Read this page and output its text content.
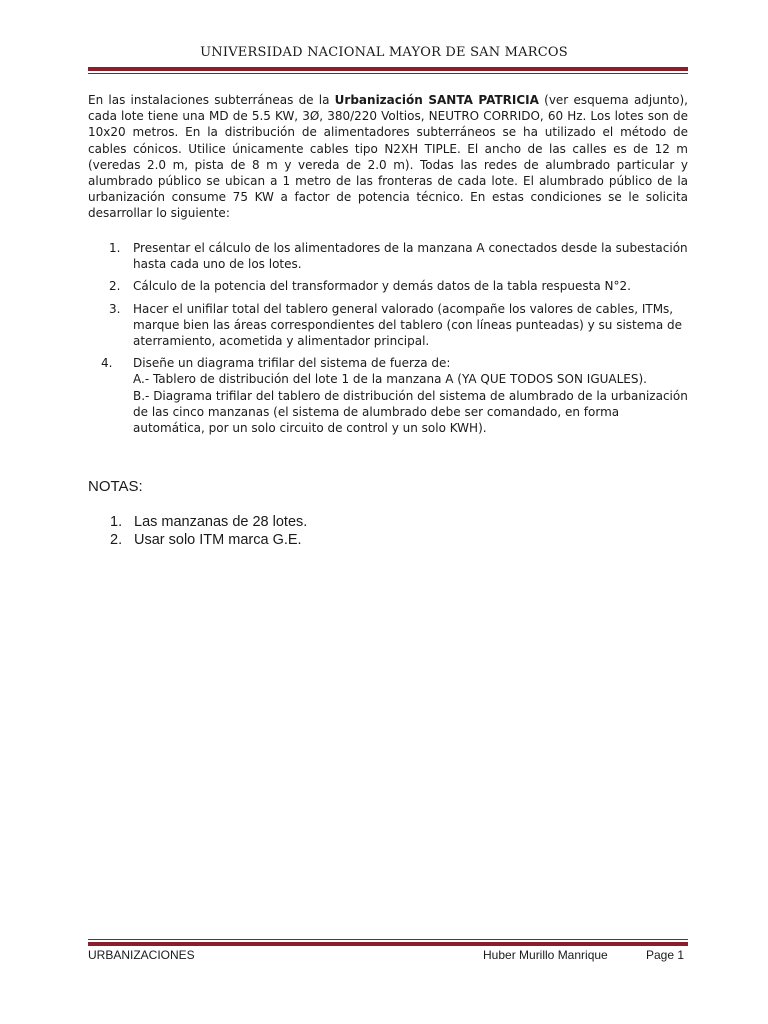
UNIVERSIDAD NACIONAL MAYOR DE SAN MARCOS
En las instalaciones subterráneas de la Urbanización SANTA PATRICIA (ver esquema adjunto), cada lote tiene una MD de 5.5 KW, 3Ø, 380/220 Voltios, NEUTRO CORRIDO, 60 Hz. Los lotes son de 10x20 metros. En la distribución de alimentadores subterráneos se ha utilizado el método de cables cónicos. Utilice únicamente cables tipo N2XH TIPLE. El ancho de las calles es de 12 m (veredas 2.0 m, pista de 8 m y vereda de 2.0 m). Todas las redes de alumbrado particular y alumbrado público se ubican a 1 metro de las fronteras de cada lote. El alumbrado público de la urbanización consume 75 KW a factor de potencia técnico. En estas condiciones se le solicita desarrollar lo siguiente:
1.	Presentar el cálculo de los alimentadores de la manzana A conectados desde la subestación hasta cada uno de los lotes.
2.	Cálculo de la potencia del transformador y demás datos de la tabla respuesta N°2.
3.	Hacer el unifilar total del tablero general valorado (acompañe los valores de cables, ITMs, marque bien las áreas correspondientes del tablero (con líneas punteadas) y su sistema de aterramiento, acometida y alimentador principal.
4.	Diseñe un diagrama trifilar del sistema de fuerza de:
A.- Tablero de distribución del lote 1 de la manzana A (YA QUE TODOS SON IGUALES).
B.- Diagrama trifilar del tablero de distribución del sistema de alumbrado de la urbanización de las cinco manzanas (el sistema de alumbrado debe ser comandado, en forma automática, por un solo circuito de control y un solo KWH).
NOTAS:
1. Las manzanas de 28 lotes.
2. Usar solo ITM marca G.E.
URBANIZACIONES	Huber Murillo Manrique	Page 1
